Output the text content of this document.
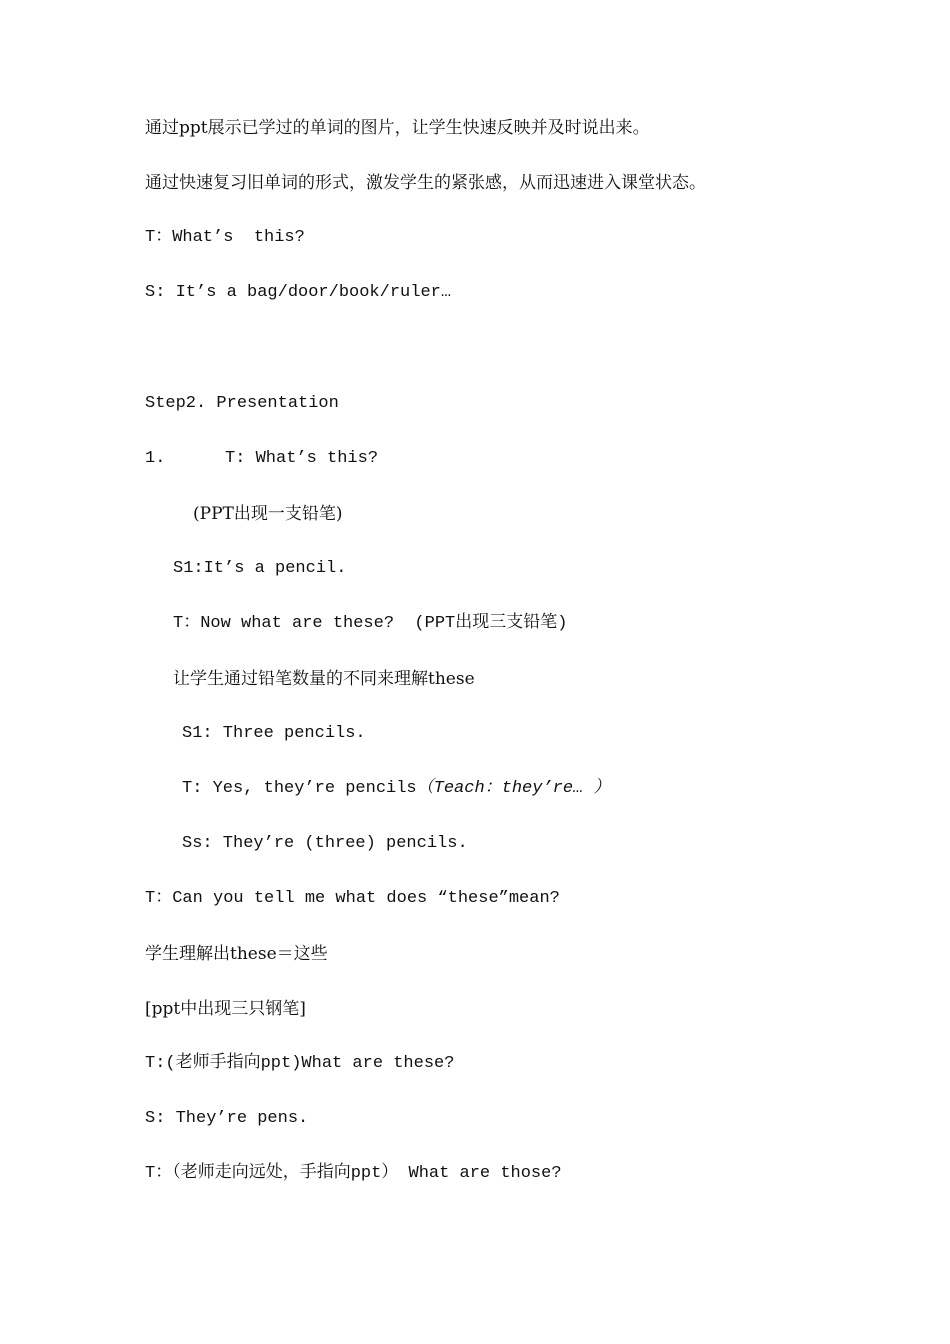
通过ppt展示已学过的单词的图片，让学生快速反映并及时说出来。
通过快速复习旧单词的形式，激发学生的紧张感，从而迅速进入课堂状态。
T：What’s  this?
S: It’s a bag/door/book/ruler…
Step2. Presentation
1.	T: What’s this?
(PPT出现一支铅笔)
S1:It’s a pencil.
T：Now what are these?  (PPT出现三支铅笔)
让学生通过铅笔数量的不同来理解these
S1: Three pencils.
T: Yes, they’re pencils（Teach：they’re… ）
Ss: They’re (three) pencils.
T：Can you tell me what does “these”mean?
学生理解出these＝这些
[ppt中出现三只钢笔]
T:(老师手指向ppt)What are these?
S: They’re pens.
T：（老师走向远处，手指向ppt） What are those?
